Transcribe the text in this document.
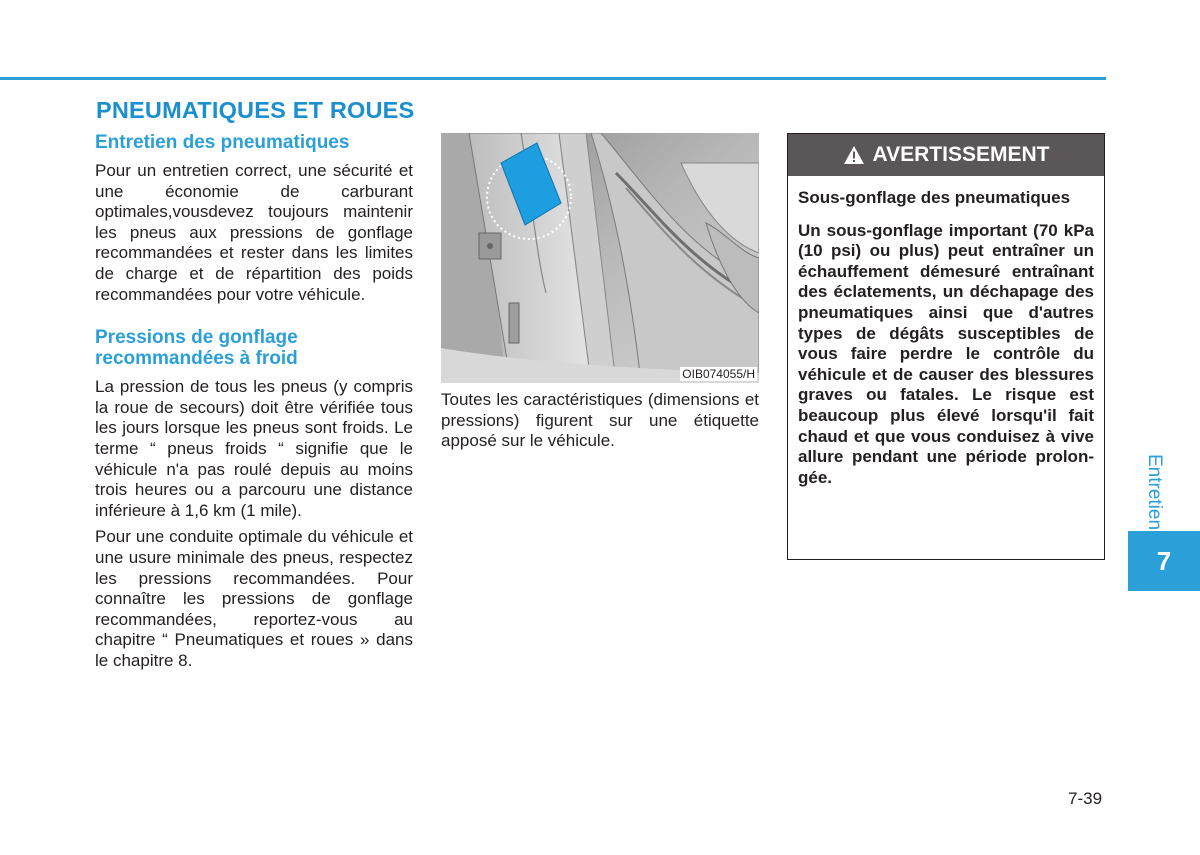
PNEUMATIQUES ET ROUES
Entretien des pneumatiques

Pour un entretien correct, une sécurité et une économie de carburant optimales,vousdevez toujours maintenir les pneus aux pressions de gonflage recommandées et rester dans les limites de charge et de répartition des poids recommandées pour votre véhicule.

Pressions de gonflage recommandées à froid

La pression de tous les pneus (y compris la roue de secours) doit être vérifiée tous les jours lorsque les pneus sont froids. Le terme “ pneus froids “ signifie que le véhicule n'a pas roulé depuis au moins trois heures ou a parcouru une distance inférieure à 1,6 km (1 mile).

Pour une conduite optimale du véhicule et une usure minimale des pneus, respectez les pressions recommandées. Pour connaître les pressions de gonflage recommandées, reportez-vous au chapitre “ Pneumatiques et roues » dans le chapitre 8.

OIB074055/H

Toutes les caractéristiques (dimensions et pressions) figurent sur une étiquette apposé sur le véhicule.

AVERTISSEMENT

Sous-gonflage des pneumatiques

Un sous-gonflage important (70 kPa (10 psi) ou plus) peut entraîner un échauffement démesuré entraînant des éclatements, un déchapage des pneumatiques ainsi que d'autres types de dégâts susceptibles de vous faire perdre le contrôle du véhicule et de causer des blessures graves ou fatales. Le risque est beaucoup plus élevé lorsqu'il fait chaud et que vous conduisez à vive allure pendant une période prolongée.	Entretien
7
7-39
